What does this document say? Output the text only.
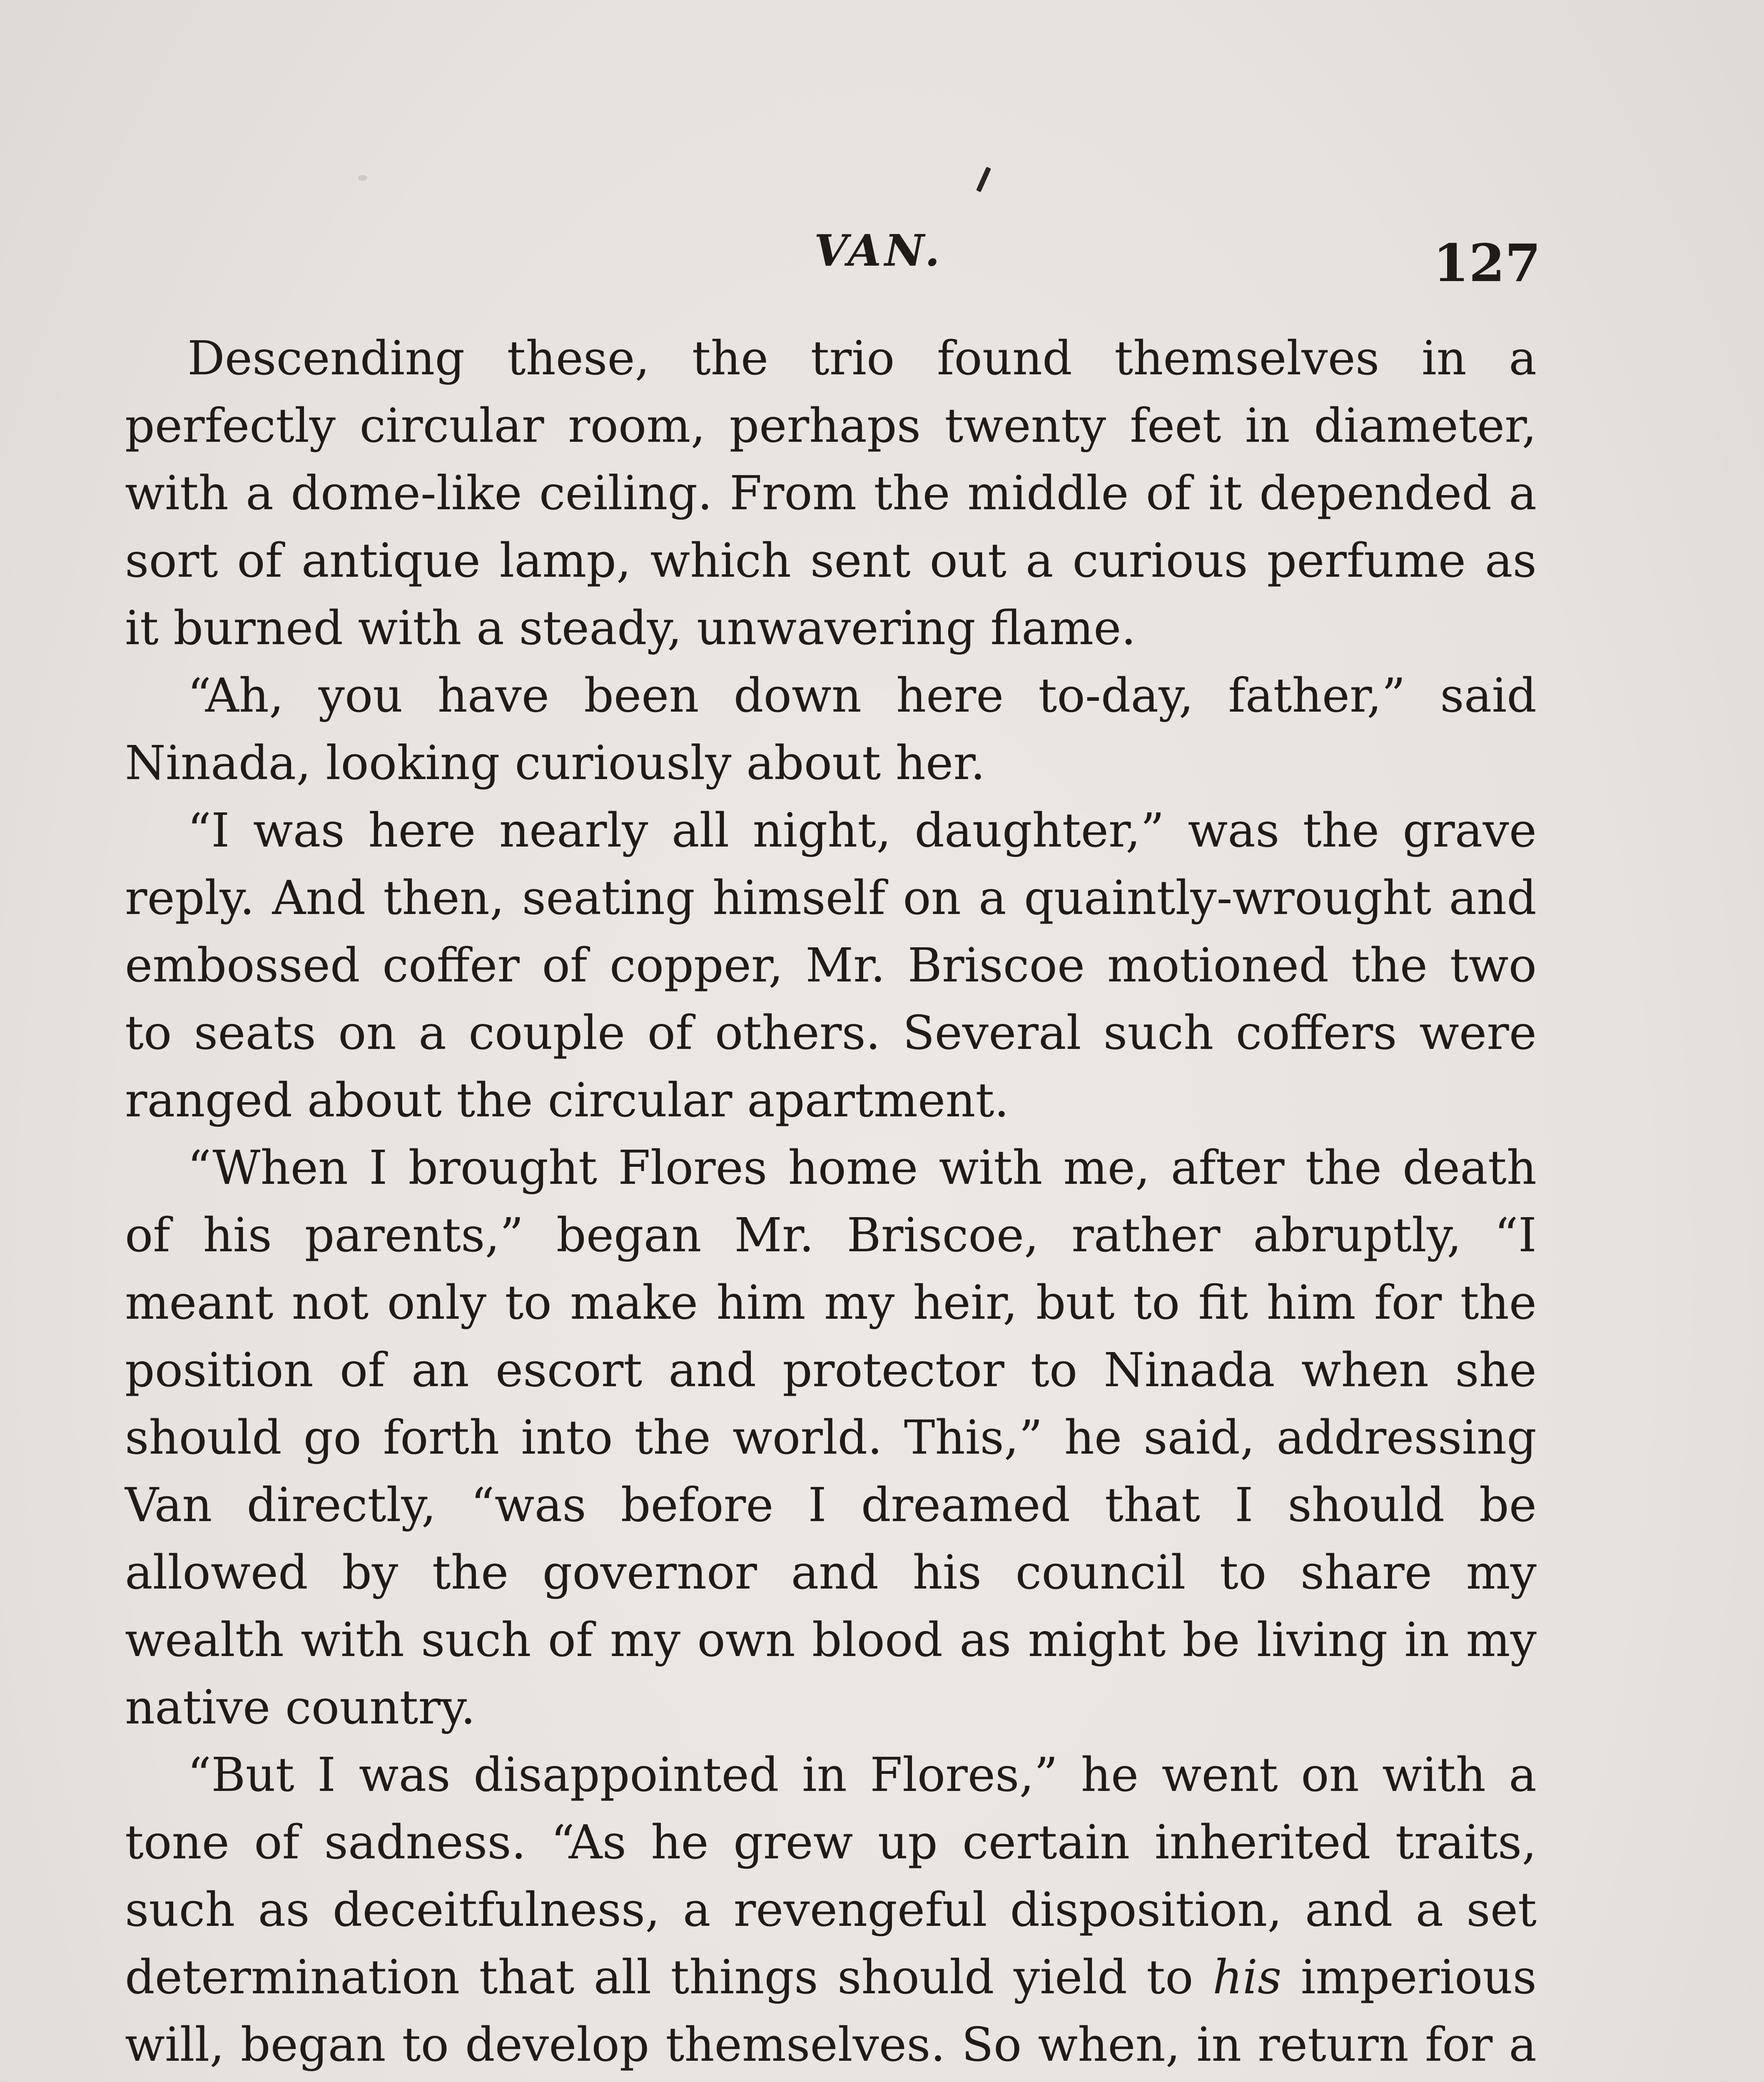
VAN.	127

Descending these, the trio found themselves in a perfectly circular room, perhaps twenty feet in diameter, with a dome-like ceiling. From the middle of it depended a sort of antique lamp, which sent out a curious perfume as it burned with a steady, unwavering flame.

“Ah, you have been down here to-day, father,” said Ninada, looking curiously about her.

“I was here nearly all night, daughter,” was the grave reply. And then, seating himself on a quaintly-wrought and embossed coffer of copper, Mr. Briscoe motioned the two to seats on a couple of others. Several such coffers were ranged about the circular apartment.

“When I brought Flores home with me, after the death of his parents,” began Mr. Briscoe, rather abruptly, “I meant not only to make him my heir, but to fit him for the position of an escort and protector to Ninada when she should go forth into the world. This,” he said, addressing Van directly, “was before I dreamed that I should be allowed by the governor and his council to share my wealth with such of my own blood as might be living in my native country.

“But I was disappointed in Flores,” he went on with a tone of sadness. “As he grew up certain inherited traits, such as deceitfulness, a revengeful disposition, and a set determination that all things should yield to his imperious will, began to develop themselves. So when, in return for a
